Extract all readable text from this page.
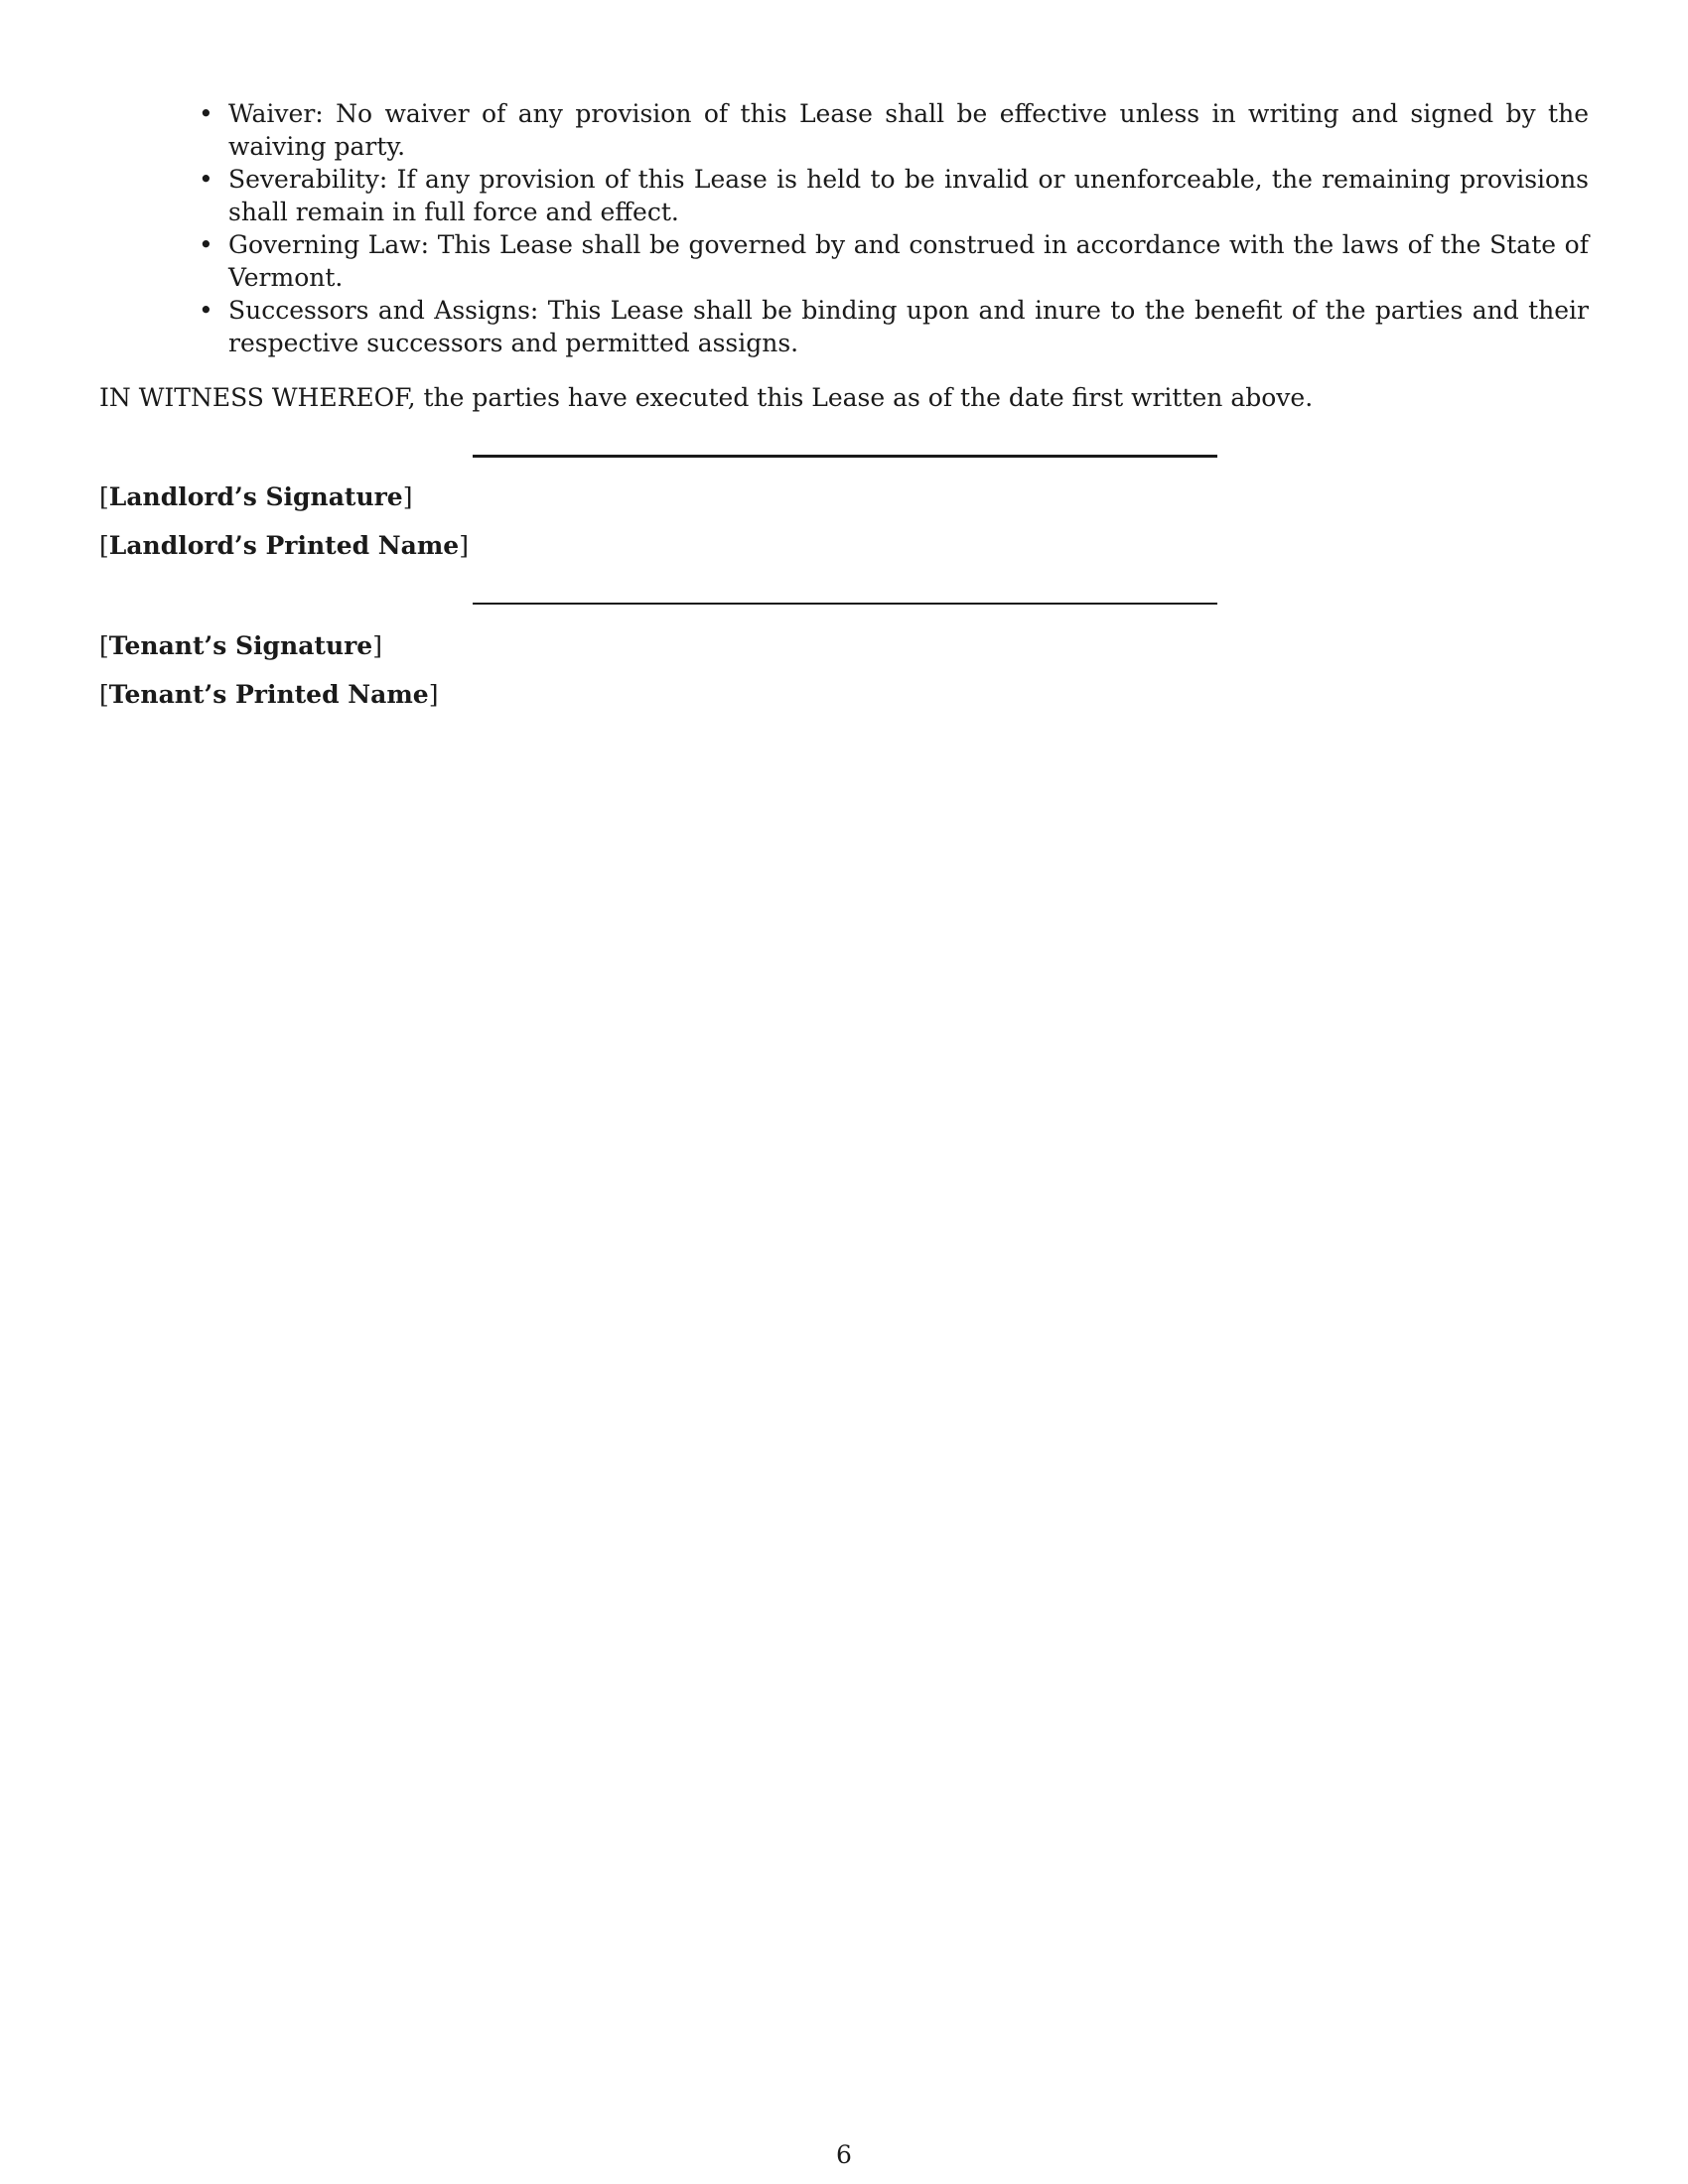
• Waiver: No waiver of any provision of this Lease shall be effective unless in writing and signed by the waiving party.
• Severability: If any provision of this Lease is held to be invalid or unenforceable, the remaining provisions shall remain in full force and effect.
• Governing Law: This Lease shall be governed by and construed in accordance with the laws of the State of Vermont.
• Successors and Assigns: This Lease shall be binding upon and inure to the benefit of the parties and their respective successors and permitted assigns.

IN WITNESS WHEREOF, the parties have executed this Lease as of the date first written above.

[Landlord’s Signature]
[Landlord’s Printed Name]
[Tenant’s Signature]
[Tenant’s Printed Name]
6
